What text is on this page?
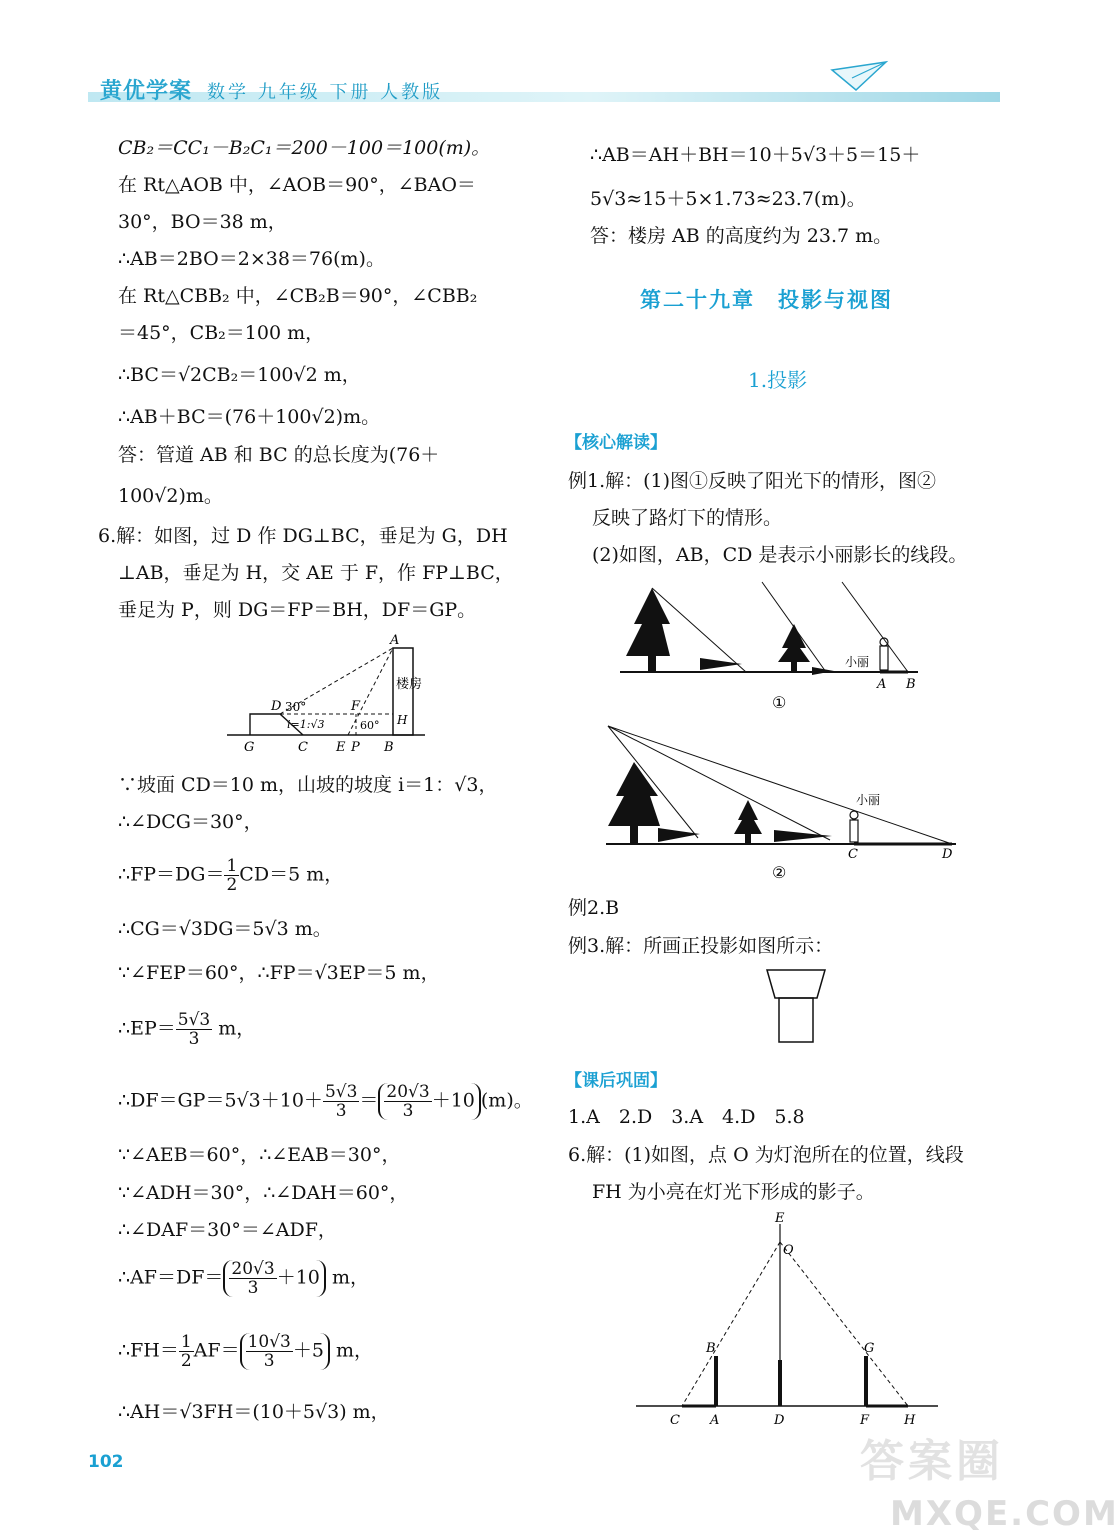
黄优学案 数学 九年级 下册 人教版
CB₂＝CC₁－B₂C₁＝200－100＝100(m)。
在 Rt△AOB 中，∠AOB＝90°，∠BAO＝
30°，BO＝38 m，
∴AB＝2BO＝2×38＝76(m)。
在 Rt△CBB₂ 中，∠CB₂B＝90°，∠CBB₂
＝45°，CB₂＝100 m，
∴BC＝√2CB₂＝100√2 m，
∴AB＋BC＝(76＋100√2)m。
答：管道 AB 和 BC 的总长度为(76＋
100√2)m。
6.解：如图，过 D 作 DG⊥BC，垂足为 G，DH
⊥AB，垂足为 H，交 AE 于 F，作 FP⊥BC，
垂足为 P，则 DG＝FP＝BH，DF＝GP。
A
D	F
30°
i=1:√3	60°
楼房
H
G	C E P B
∵坡面 CD＝10 m，山坡的坡度 i＝1：√3，
∴∠DCG＝30°，
∴FP＝DG＝ $\frac{1}{2} CD=5$ m，
∴CG＝√3DG＝5√3 m。
∵∠FEP＝60°，∴FP＝√3EP＝5 m，
∴EP＝ $\frac{5√3}{3}$ m，
∴DF＝GP＝5√3＋10＋ $\frac{5√3}{3} = \frac{20√3}{3} +10$ (m)。
∵∠AEB＝60°，∴∠EAB＝30°，
∵∠ADH＝30°，∴∠DAH＝60°，
∴∠DAF＝30°＝∠ADF，
∴AF＝DF＝ $\frac{20√3}{3} +10$ m，
∴FH＝ $\frac{1}{2} AF= \frac{10√3}{3} +5$ m，
∴AH＝√3FH＝(10＋5√3) m，
∴AB＝AH＋BH＝10＋5√3＋5＝15＋
5√3≈15＋5×1.73≈23.7(m)。
答：楼房 AB 的高度约为 23.7 m。
第二十九章　投影与视图
1.投影
【核心解读】
例1.解：(1)图①反映了阳光下的情形，图②
反映了路灯下的情形。
(2)如图，AB，CD 是表示小丽影长的线段。
小丽
A B
①
小丽
C	D
②
例2.B
例3.解：所画正投影如图所示：
【课后巩固】
1.A　2.D　3.A　4.D　5.8
6.解：(1)如图，点 O 为灯泡所在的位置，线段
FH 为小亮在灯光下形成的影子。
E
O
B	G
C A	D	F	H
102	答案圈
MXQE.COM
